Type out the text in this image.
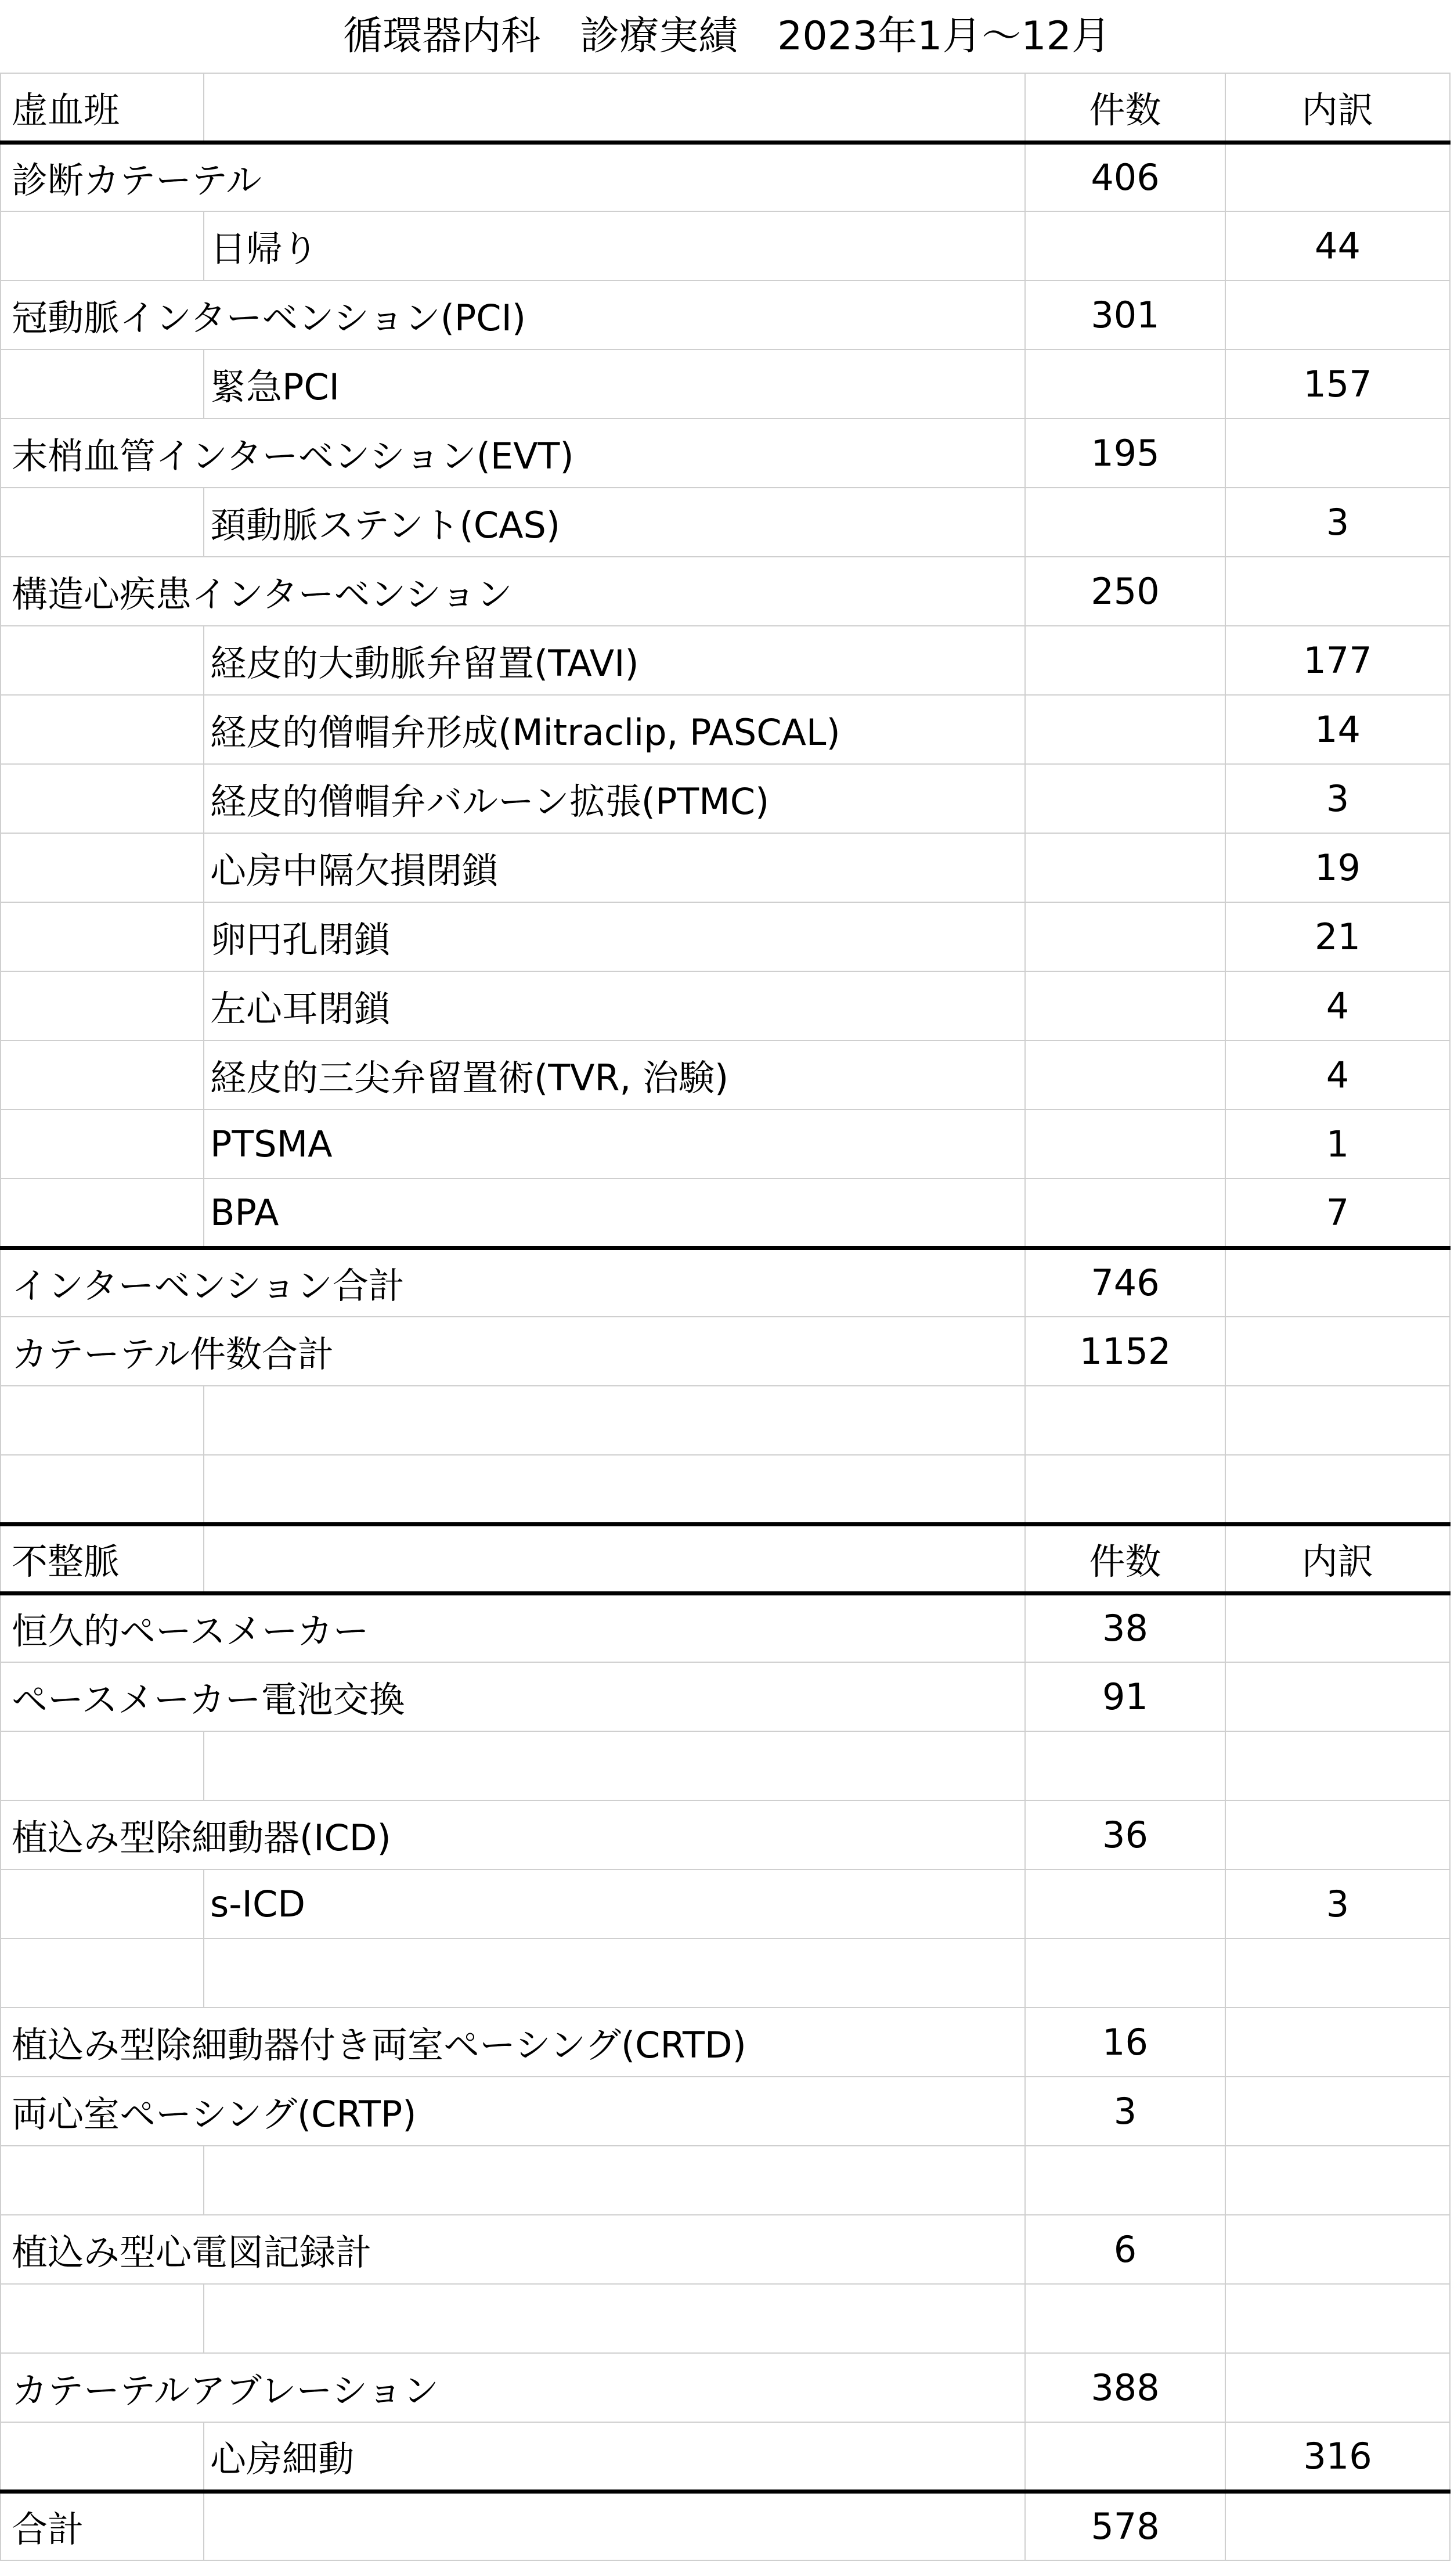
循環器内科　診療実績　2023年1月～12月
虚血班		件数	内訳
診断カテーテル		406	
	日帰り		44
冠動脈インターベンション(PCI)		301	
	緊急PCI		157
末梢血管インターベンション(EVT)		195	
	頚動脈ステント(CAS)		3
構造心疾患インターベンション		250	
	経皮的大動脈弁留置(TAVI)		177
	経皮的僧帽弁形成(Mitraclip, PASCAL)		14
	経皮的僧帽弁バルーン拡張(PTMC)		3
	心房中隔欠損閉鎖		19
	卵円孔閉鎖		21
	左心耳閉鎖		4
	経皮的三尖弁留置術(TVR, 治験)		4
	PTSMA		1
	BPA		7
インターベンション合計		746	
カテーテル件数合計		1152	

不整脈		件数	内訳
恒久的ペースメーカー		38	
ペースメーカー電池交換		91	

植込み型除細動器(ICD)		36	
	s-ICD		3

植込み型除細動器付き両室ペーシング(CRTD)		16	
両心室ペーシング(CRTP)		3	

植込み型心電図記録計		6	

カテーテルアブレーション		388	
	心房細動		316
合計		578	
